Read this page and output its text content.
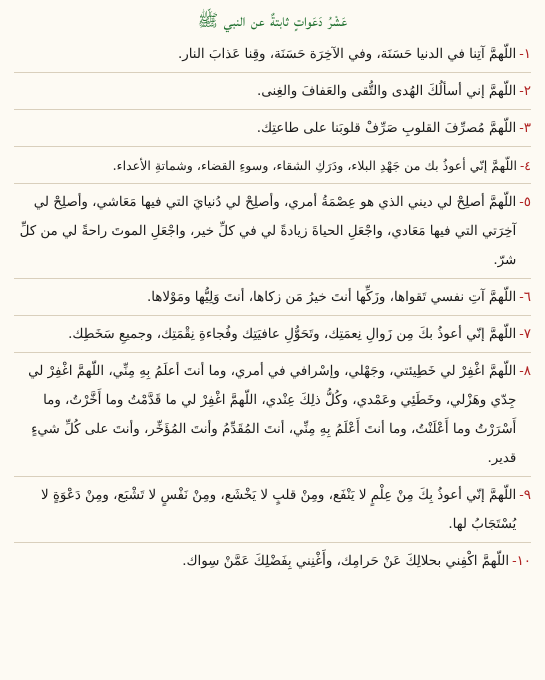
عَشْرُ دَعَواتٍ ثابتةٌ عن النبي ﷺ
١-
اللّهمَّ آتِنا في الدنيا حَسَنَة، وفي الآخِرَة حَسَنَة، وقِنا عَذابَ النار.
٢-
اللّهمَّ إني أسألُكَ الهُدى والتُّقى والعَفافَ والغِنى.
٣-
اللّهمَّ مُصرِّفَ القلوبِ صَرِّفْ قلوبَنا على طاعتِك.
٤-
اللّهمَّ إنّي أعوذُ بك من جَهْدِ البلاء، ودَرَكِ الشقاء، وسوءِ القضاء، وشماتةِ الأعداء.
٥-
اللّهمَّ أصلِحْ لي ديني الذي هو عِصْمَةُ أمري، وأصلِحْ لي دُنيايَ التي فيها مَعَاشي، وأصلِحْ لي آخِرَتي التي فيها مَعَادي، واجْعَلِ الحياةَ زيادةً لي في كلِّ خير، واجْعَلِ الموتَ راحةً لي من كلِّ شرّ.
٦-
اللّهمَّ آتِ نفسي تَقواها، وزَكِّها أنتَ خيرُ مَن زكاها، أنتَ وَلِيُّها ومَوْلاها.
٧-
اللّهمَّ إنّي أعوذُ بكَ مِن زَوالِ نِعمَتِك، وتَحَوُّلِ عافيَتِك وفُجاءةِ نِقْمَتِك، وجميعِ سَخَطِك.
٨-
اللّهمَّ اغْفِرْ لي خَطِيئتي، وجَهْلي، وإسْرافي في أمري، وما أنتَ أعلَمُ بِهِ مِنِّي، اللّهمَّ اغْفِرْ لي جِدّي وهَزْلي، وخَطَئِي وعَمْدي، وكُلُّ ذلِكَ عِنْدي، اللّهمَّ اغْفِرْ لي ما قَدَّمْتُ وما أَخَّرْتُ، وما أَسْرَرْتُ وما أَعْلَنْتُ، وما أنتَ أَعْلَمُ بِهِ مِنِّي، أنتَ المُقَدِّمُ وأنتَ المُؤَخِّر، وأنتَ على كُلِّ شيءٍ قدير.
٩-
اللّهمَّ إنّي أعوذُ بِكَ مِنْ عِلْمٍ لا يَنْفَع، ومِنْ قلبٍ لا يَخْشَع، ومِنْ نَفْسٍ لا تَشْبَع، ومِنْ دَعْوَةٍ لا يُسْتَجَابُ لها.
١٠-
اللّهمَّ اكْفِني بحلالِكَ عَنْ حَرامِك، وأَغْنِني بِفَضْلِكَ عَمَّنْ سِواك.
